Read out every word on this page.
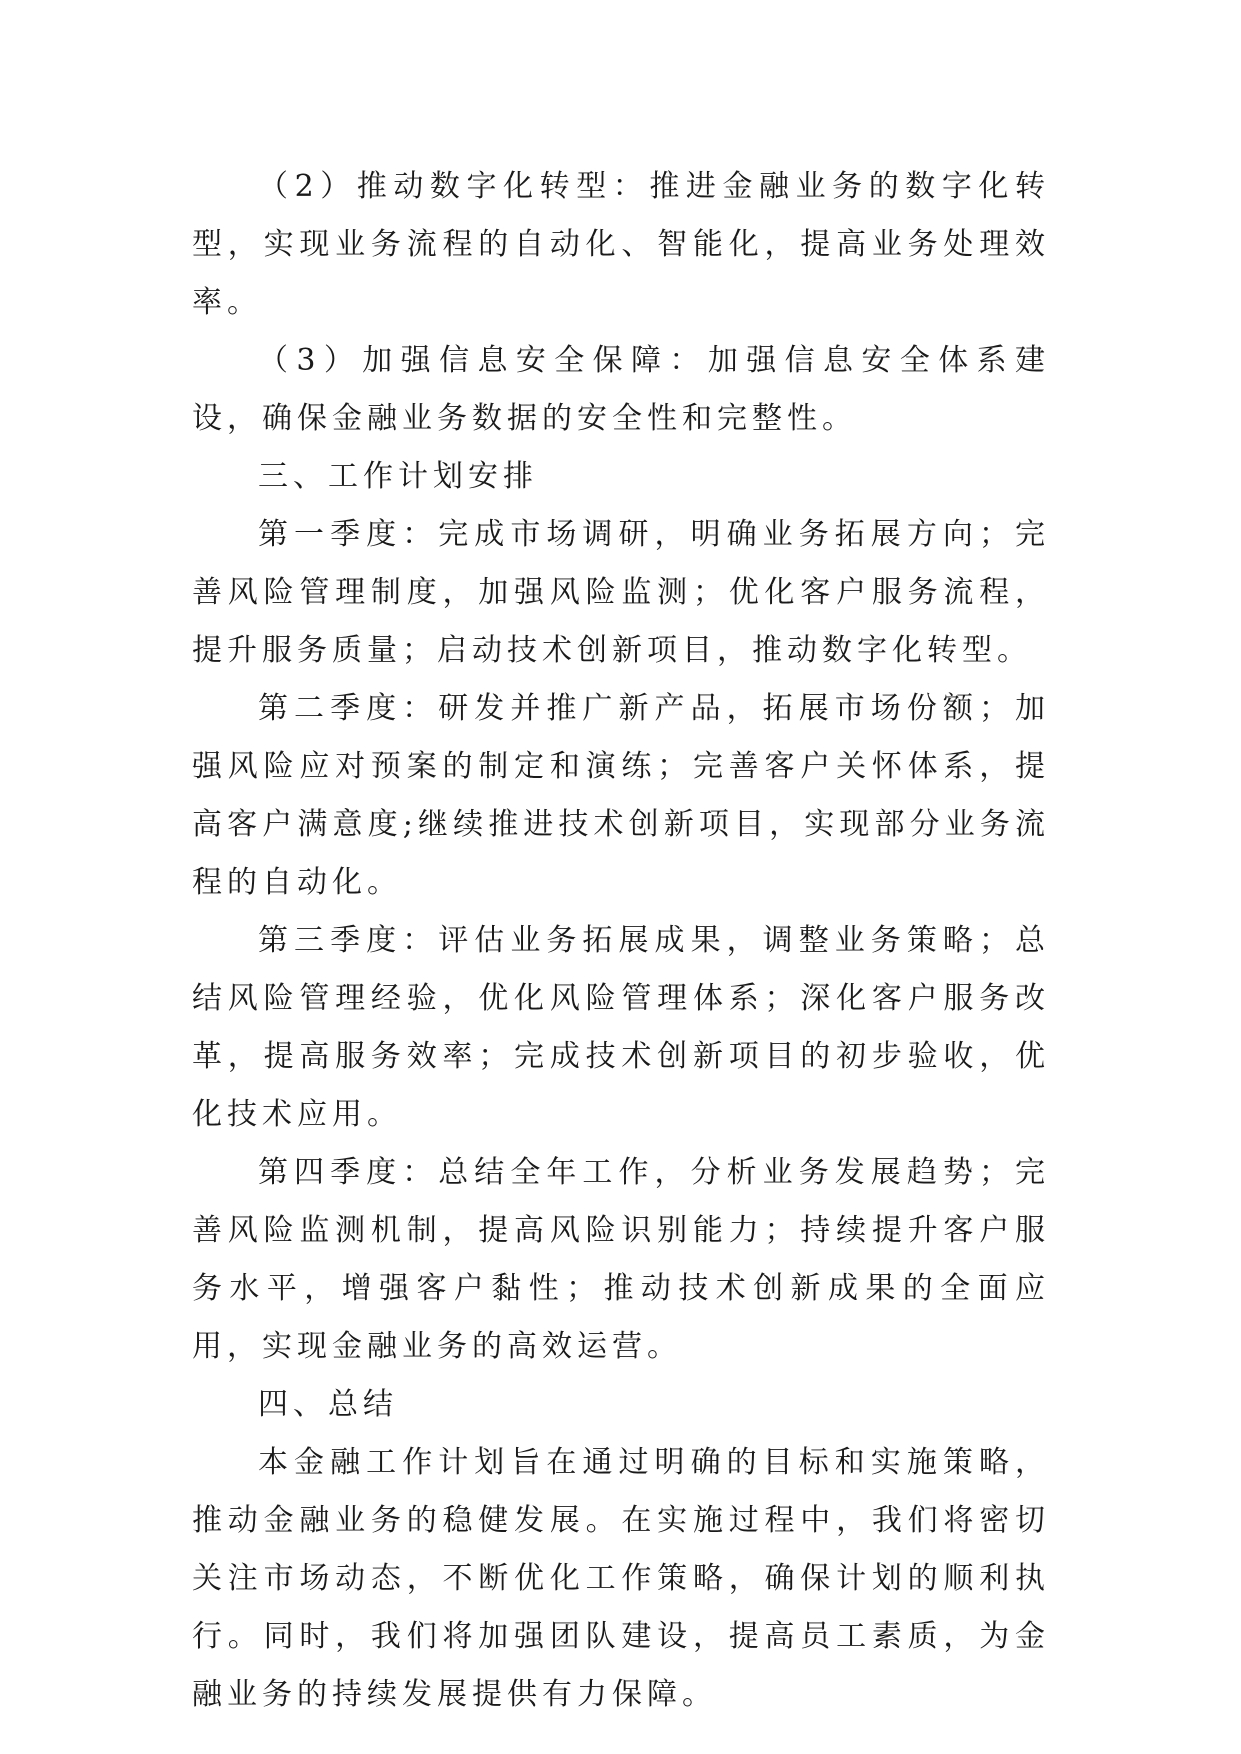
（2）推动数字化转型：推进金融业务的数字化转型，实现业务流程的自动化、智能化，提高业务处理效率。

（3）加强信息安全保障：加强信息安全体系建设，确保金融业务数据的安全性和完整性。

三、工作计划安排

第一季度：完成市场调研，明确业务拓展方向；完善风险管理制度，加强风险监测；优化客户服务流程，提升服务质量；启动技术创新项目，推动数字化转型。

第二季度：研发并推广新产品，拓展市场份额；加强风险应对预案的制定和演练；完善客户关怀体系，提高客户满意度;继续推进技术创新项目，实现部分业务流程的自动化。

第三季度：评估业务拓展成果，调整业务策略；总结风险管理经验，优化风险管理体系；深化客户服务改革，提高服务效率；完成技术创新项目的初步验收，优化技术应用。

第四季度：总结全年工作，分析业务发展趋势；完善风险监测机制，提高风险识别能力；持续提升客户服务水平，增强客户黏性；推动技术创新成果的全面应用，实现金融业务的高效运营。

四、总结

本金融工作计划旨在通过明确的目标和实施策略，推动金融业务的稳健发展。在实施过程中，我们将密切关注市场动态，不断优化工作策略，确保计划的顺利执行。同时，我们将加强团队建设，提高员工素质，为金融业务的持续发展提供有力保障。
